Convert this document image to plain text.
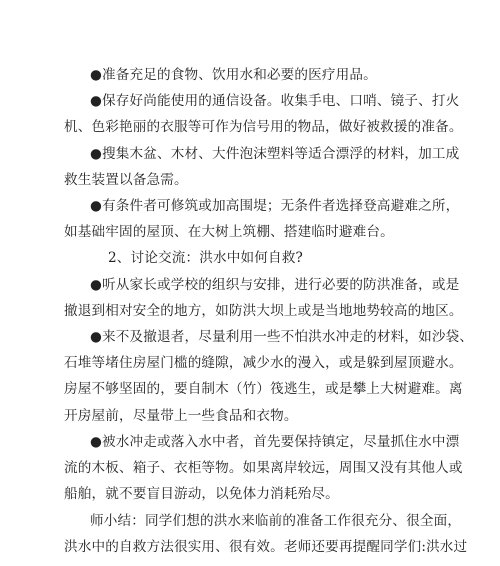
●准备充足的食物、饮用水和必要的医疗用品。
●保存好尚能使用的通信设备。收集手电、口哨、镜子、打火
机、色彩艳丽的衣服等可作为信号用的物品，做好被救援的准备。
●搜集木盆、木材、大件泡沫塑料等适合漂浮的材料，加工成
救生装置以备急需。
●有条件者可修筑或加高围堤；无条件者选择登高避难之所，
如基础牢固的屋顶、在大树上筑棚、搭建临时避难台。
2、讨论交流：洪水中如何自救?
●听从家长或学校的组织与安排，进行必要的防洪准备，或是
撤退到相对安全的地方，如防洪大坝上或是当地地势较高的地区。
●来不及撤退者，尽量利用一些不怕洪水冲走的材料，如沙袋、
石堆等堵住房屋门槛的缝隙，减少水的漫入，或是躲到屋顶避水。
房屋不够坚固的，要自制木（竹）筏逃生，或是攀上大树避难。离
开房屋前，尽量带上一些食品和衣物。
●被水冲走或落入水中者，首先要保持镇定，尽量抓住水中漂
流的木板、箱子、衣柜等物。如果离岸较远，周围又没有其他人或
船舶，就不要盲目游动，以免体力消耗殆尽。
师小结：同学们想的洪水来临前的准备工作很充分、很全面，
洪水中的自救方法很实用、很有效。老师还要再提醒同学们:洪水过
